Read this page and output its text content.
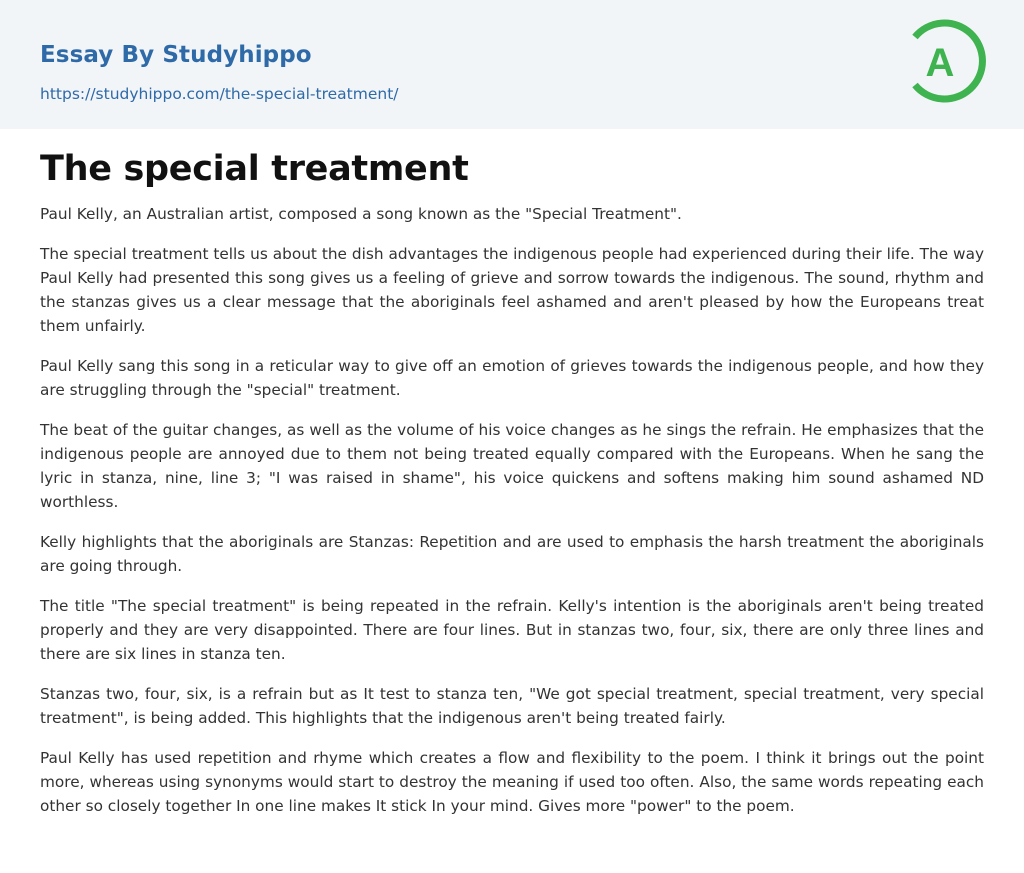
Essay By Studyhippo
https://studyhippo.com/the-special-treatment/
A
The special treatment

Paul Kelly, an Australian artist, composed a song known as the "Special Treatment".

The special treatment tells us about the dish advantages the indigenous people had experienced during their life. The way Paul Kelly had presented this song gives us a feeling of grieve and sorrow towards the indigenous. The sound, rhythm and the stanzas gives us a clear message that the aboriginals feel ashamed and aren't pleased by how the Europeans treat them unfairly.

Paul Kelly sang this song in a reticular way to give off an emotion of grieves towards the indigenous people, and how they are struggling through the "special" treatment.

The beat of the guitar changes, as well as the volume of his voice changes as he sings the refrain. He emphasizes that the indigenous people are annoyed due to them not being treated equally compared with the Europeans. When he sang the lyric in stanza, nine, line 3; "I was raised in shame", his voice quickens and softens making him sound ashamed ND worthless.

Kelly highlights that the aboriginals are Stanzas: Repetition and are used to emphasis the harsh treatment the aboriginals are going through.

The title "The special treatment" is being repeated in the refrain. Kelly's intention is the aboriginals aren't being treated properly and they are very disappointed. There are four lines. But in stanzas two, four, six, there are only three lines and there are six lines in stanza ten.

Stanzas two, four, six, is a refrain but as It test to stanza ten, "We got special treatment, special treatment, very special treatment", is being added. This highlights that the indigenous aren't being treated fairly.

Paul Kelly has used repetition and rhyme which creates a flow and flexibility to the poem. I think it brings out the point more, whereas using synonyms would start to destroy the meaning if used too often. Also, the same words repeating each other so closely together In one line makes It stick In your mind. Gives more "power" to the poem.
